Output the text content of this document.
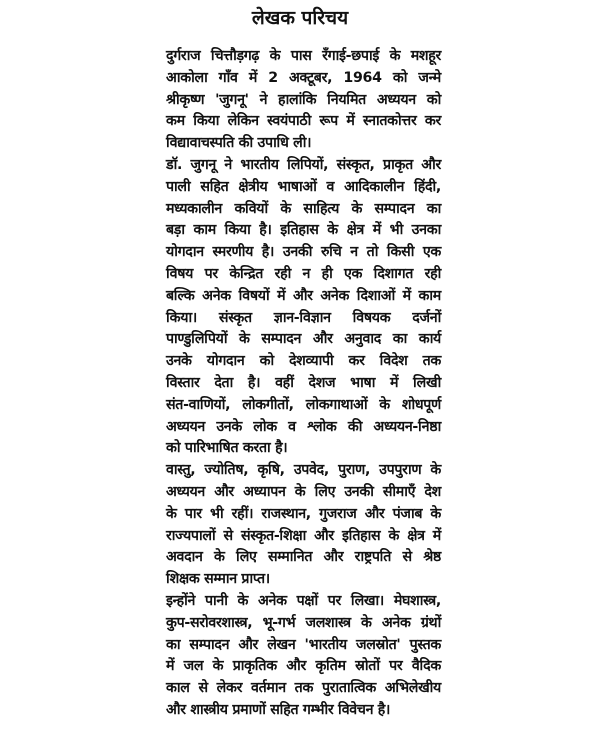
लेखक परिचय
दुर्गराज चित्तौड़गढ़ के पास रँगाई-छपाई के मशहूर
आकोला गाँव में 2 अक्टूबर, 1964 को जन्मे
श्रीकृष्ण 'जुगनू' ने हालांकि नियमित अध्ययन को
कम किया लेकिन स्वयंपाठी रूप में स्नातकोत्तर कर
विद्यावाचस्पति की उपाधि ली।
डॉ. जुगनू ने भारतीय लिपियों, संस्कृत, प्राकृत और
पाली सहित क्षेत्रीय भाषाओं व आदिकालीन हिंदी,
मध्यकालीन कवियों के साहित्य के सम्पादन का
बड़ा काम किया है। इतिहास के क्षेत्र में भी उनका
योगदान स्मरणीय है। उनकी रुचि न तो किसी एक
विषय पर केन्द्रित रही न ही एक दिशागत रही
बल्कि अनेक विषयों में और अनेक दिशाओं में काम
किया। संस्कृत ज्ञान-विज्ञान विषयक दर्जनों
पाण्डुलिपियों के सम्पादन और अनुवाद का कार्य
उनके योगदान को देशव्यापी कर विदेश तक
विस्तार देता है। वहीं देशज भाषा में लिखी
संत-वाणियों, लोकगीतों, लोकगाथाओं के शोधपूर्ण
अध्ययन उनके लोक व श्लोक की अध्ययन-निष्ठा
को पारिभाषित करता है।
वास्तु, ज्योतिष, कृषि, उपवेद, पुराण, उपपुराण के
अध्ययन और अध्यापन के लिए उनकी सीमाएँ देश
के पार भी रहीं। राजस्थान, गुजराज और पंजाब के
राज्यपालों से संस्कृत-शिक्षा और इतिहास के क्षेत्र में
अवदान के लिए सम्मानित और राष्ट्रपति से श्रेष्ठ
शिक्षक सम्मान प्राप्त।
इन्होंने पानी के अनेक पक्षों पर लिखा। मेघशास्त्र,
कुप-सरोवरशास्त्र, भू-गर्भ जलशास्त्र के अनेक ग्रंथों
का सम्पादन और लेखन 'भारतीय जलस्रोत' पुस्तक
में जल के प्राकृतिक और कृतिम स्रोतों पर वैदिक
काल से लेकर वर्तमान तक पुरातात्विक अभिलेखीय
और शास्त्रीय प्रमाणों सहित गम्भीर विवेचन है।
